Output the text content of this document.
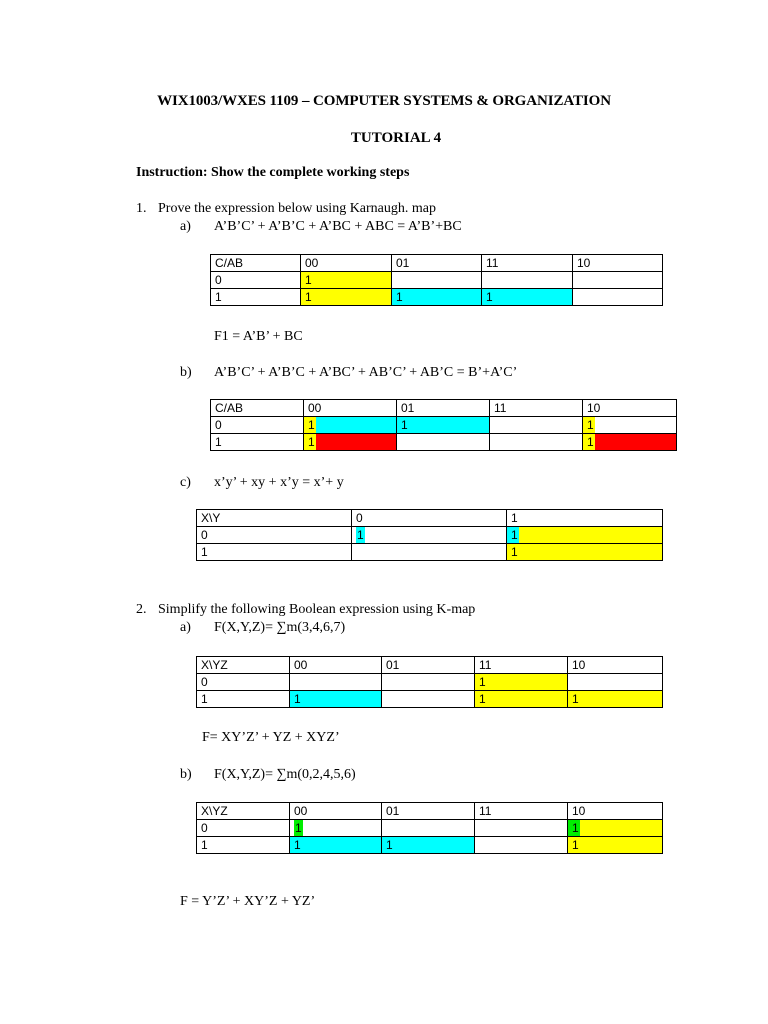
WIX1003/WXES 1109 – COMPUTER SYSTEMS & ORGANIZATION
TUTORIAL 4
Instruction: Show the complete working steps
1. Prove the expression below using Karnaugh. map
a) A’B’C’ + A’B’C + A’BC + ABC = A’B’+BC
C/AB	00	01	11	10
0	1			
1	1	1	1	
F1 = A’B’ + BC
b) A’B’C’ + A’B’C + A’BC’ + AB’C’ + AB’C = B’+A’C’
C/AB	00	01	11	10
0	1	1		1
1	1			1
c) x’y’ + xy + x’y = x’+ y
X\Y	0	1
0	1	1
1		1
2. Simplify the following Boolean expression using K-map
a) F(X,Y,Z)= ∑m(3,4,6,7)
X\YZ	00	01	11	10
0			1	
1	1		1	1
F= XY’Z’ + YZ + XYZ’
b) F(X,Y,Z)= ∑m(0,2,4,5,6)
X\YZ	00	01	11	10
0	1			1
1	1	1		1
F = Y’Z’ + XY’Z + YZ’
